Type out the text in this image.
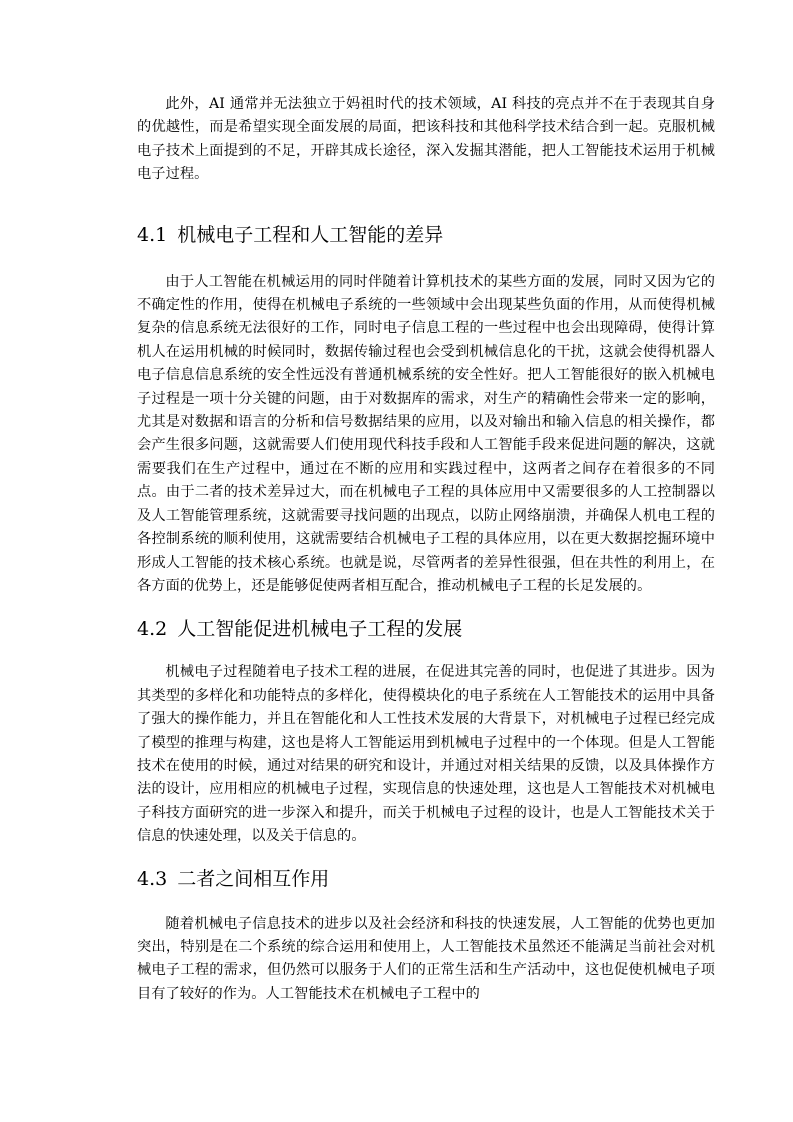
此外，AI 通常并无法独立于妈祖时代的技术领域，AI 科技的亮点并不在于表现其自身的优越性，而是希望实现全面发展的局面，把该科技和其他科学技术结合到一起。克服机械电子技术上面提到的不足，开辟其成长途径，深入发掘其潜能，把人工智能技术运用于机械电子过程。

4.1 机械电子工程和人工智能的差异

由于人工智能在机械运用的同时伴随着计算机技术的某些方面的发展，同时又因为它的不确定性的作用，使得在机械电子系统的一些领域中会出现某些负面的作用，从而使得机械复杂的信息系统无法很好的工作，同时电子信息工程的一些过程中也会出现障碍，使得计算机人在运用机械的时候同时，数据传输过程也会受到机械信息化的干扰，这就会使得机器人电子信息信息系统的安全性远没有普通机械系统的安全性好。把人工智能很好的嵌入机械电子过程是一项十分关键的问题，由于对数据库的需求，对生产的精确性会带来一定的影响，尤其是对数据和语言的分析和信号数据结果的应用，以及对输出和输入信息的相关操作，都会产生很多问题，这就需要人们使用现代科技手段和人工智能手段来促进问题的解决，这就需要我们在生产过程中，通过在不断的应用和实践过程中，这两者之间存在着很多的不同点。由于二者的技术差异过大，而在机械电子工程的具体应用中又需要很多的人工控制器以及人工智能管理系统，这就需要寻找问题的出现点，以防止网络崩溃，并确保人机电工程的各控制系统的顺利使用，这就需要结合机械电子工程的具体应用，以在更大数据挖掘环境中形成人工智能的技术核心系统。也就是说，尽管两者的差异性很强，但在共性的利用上，在各方面的优势上，还是能够促使两者相互配合，推动机械电子工程的长足发展的。

4.2 人工智能促进机械电子工程的发展

机械电子过程随着电子技术工程的进展，在促进其完善的同时，也促进了其进步。因为其类型的多样化和功能特点的多样化，使得模块化的电子系统在人工智能技术的运用中具备了强大的操作能力，并且在智能化和人工性技术发展的大背景下，对机械电子过程已经完成了模型的推理与构建，这也是将人工智能运用到机械电子过程中的一个体现。但是人工智能技术在使用的时候，通过对结果的研究和设计，并通过对相关结果的反馈，以及具体操作方法的设计，应用相应的机械电子过程，实现信息的快速处理，这也是人工智能技术对机械电子科技方面研究的进一步深入和提升，而关于机械电子过程的设计，也是人工智能技术关于信息的快速处理，以及关于信息的。

4.3 二者之间相互作用

随着机械电子信息技术的进步以及社会经济和科技的快速发展，人工智能的优势也更加突出，特别是在二个系统的综合运用和使用上，人工智能技术虽然还不能满足当前社会对机械电子工程的需求，但仍然可以服务于人们的正常生活和生产活动中，这也促使机械电子项目有了较好的作为。人工智能技术在机械电子工程中的
